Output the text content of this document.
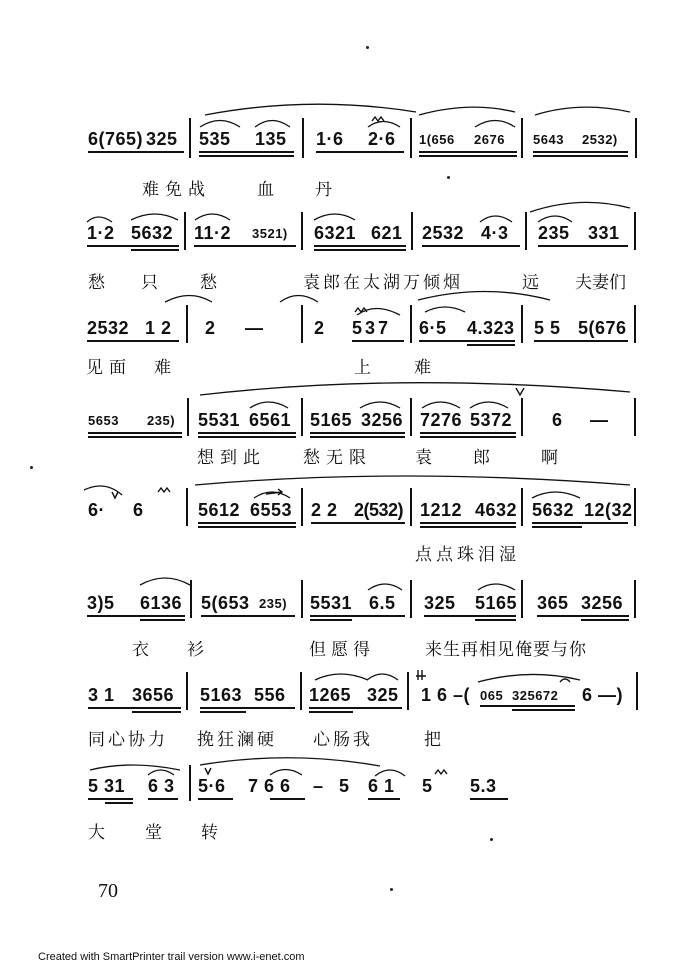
6(765) 325 535 135 1·6 2·6 1(656 2676 5643 2532)
难免战	血 丹
1·2 5632 11·2 3521) 6321 621 2532 4·3 235 331
愁 只 愁	袁郎在太湖万倾烟	远 夫妻们
2532 1 2 2 —	2 5 3 7 6·5 4.323 5 5 5(676
见面 难	上	难
5653 235) 5531 6561 5165 3256 7276 5372 6 —
想到此 愁无限	袁 郎	啊
6· 6	5612 6553 2 2 2(532) 1212 4632 5632 12(32
点点珠泪湿
3)5 6136 5(653 235) 5531 6.5 325 5165 365 3256
衣 衫	但愿得	来生再相见俺要与你
3 1 3656 5163 556 1265 325 1 6 –( 065 325672 6 —)
同心协力 挽狂澜硬 心肠我	把
5 31 6 3 5·6 7 6 6 – 5 6 1 5 5.3
大 堂 转
70
Created with SmartPrinter trail version www.i-enet.com
